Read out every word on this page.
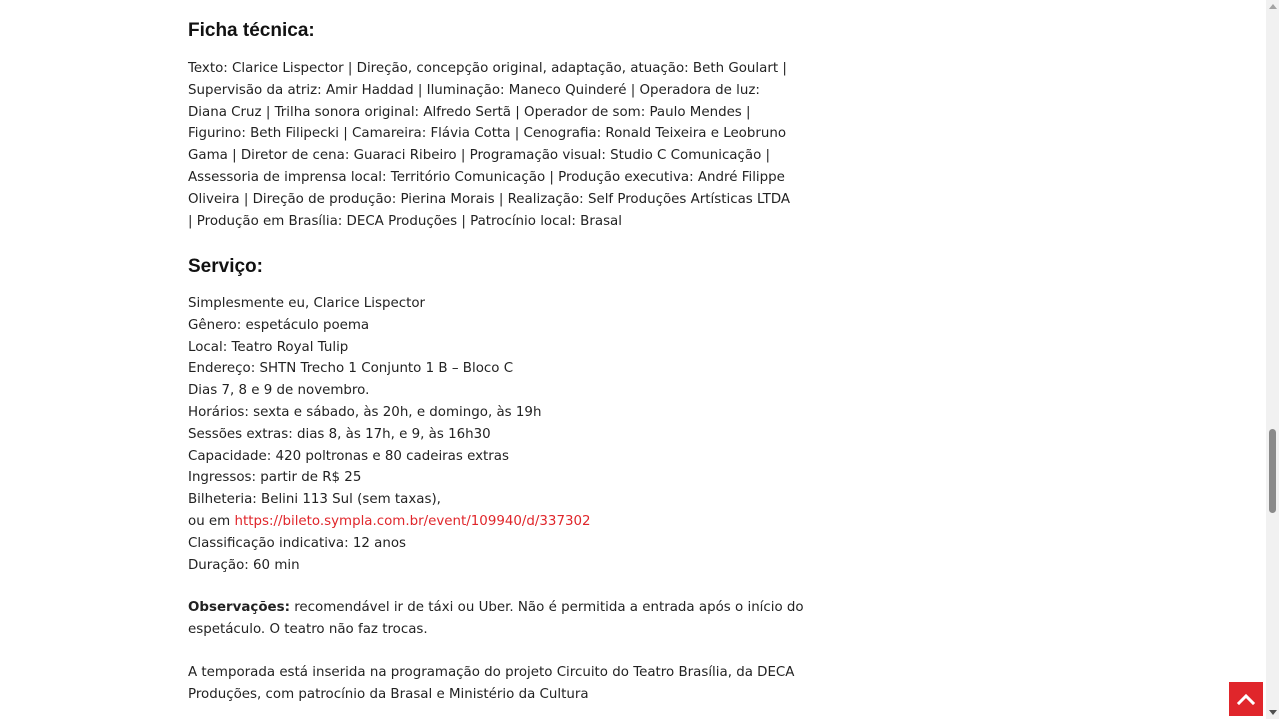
Ficha técnica:
Texto: Clarice Lispector | Direção, concepção original, adaptação, atuação: Beth Goulart |
Supervisão da atriz: Amir Haddad | Iluminação: Maneco Quinderé | Operadora de luz:
Diana Cruz | Trilha sonora original: Alfredo Sertã | Operador de som: Paulo Mendes |
Figurino: Beth Filipecki | Camareira: Flávia Cotta | Cenografia: Ronald Teixeira e Leobruno
Gama | Diretor de cena: Guaraci Ribeiro | Programação visual: Studio C Comunicação |
Assessoria de imprensa local: Território Comunicação | Produção executiva: André Filippe
Oliveira | Direção de produção: Pierina Morais | Realização: Self Produções Artísticas LTDA
| Produção em Brasília: DECA Produções | Patrocínio local: Brasal
Serviço:
Simplesmente eu, Clarice Lispector
Gênero: espetáculo poema
Local: Teatro Royal Tulip
Endereço: SHTN Trecho 1 Conjunto 1 B – Bloco C
Dias 7, 8 e 9 de novembro.
Horários: sexta e sábado, às 20h, e domingo, às 19h
Sessões extras: dias 8, às 17h, e 9, às 16h30
Capacidade: 420 poltronas e 80 cadeiras extras
Ingressos: partir de R$ 25
Bilheteria: Belini 113 Sul (sem taxas),
ou em https://bileto.sympla.com.br/event/109940/d/337302
Classificação indicativa: 12 anos
Duração: 60 min
Observações: recomendável ir de táxi ou Uber. Não é permitida a entrada após o início do
espetáculo. O teatro não faz trocas.
A temporada está inserida na programação do projeto Circuito do Teatro Brasília, da DECA
Produções, com patrocínio da Brasal e Ministério da Cultura
